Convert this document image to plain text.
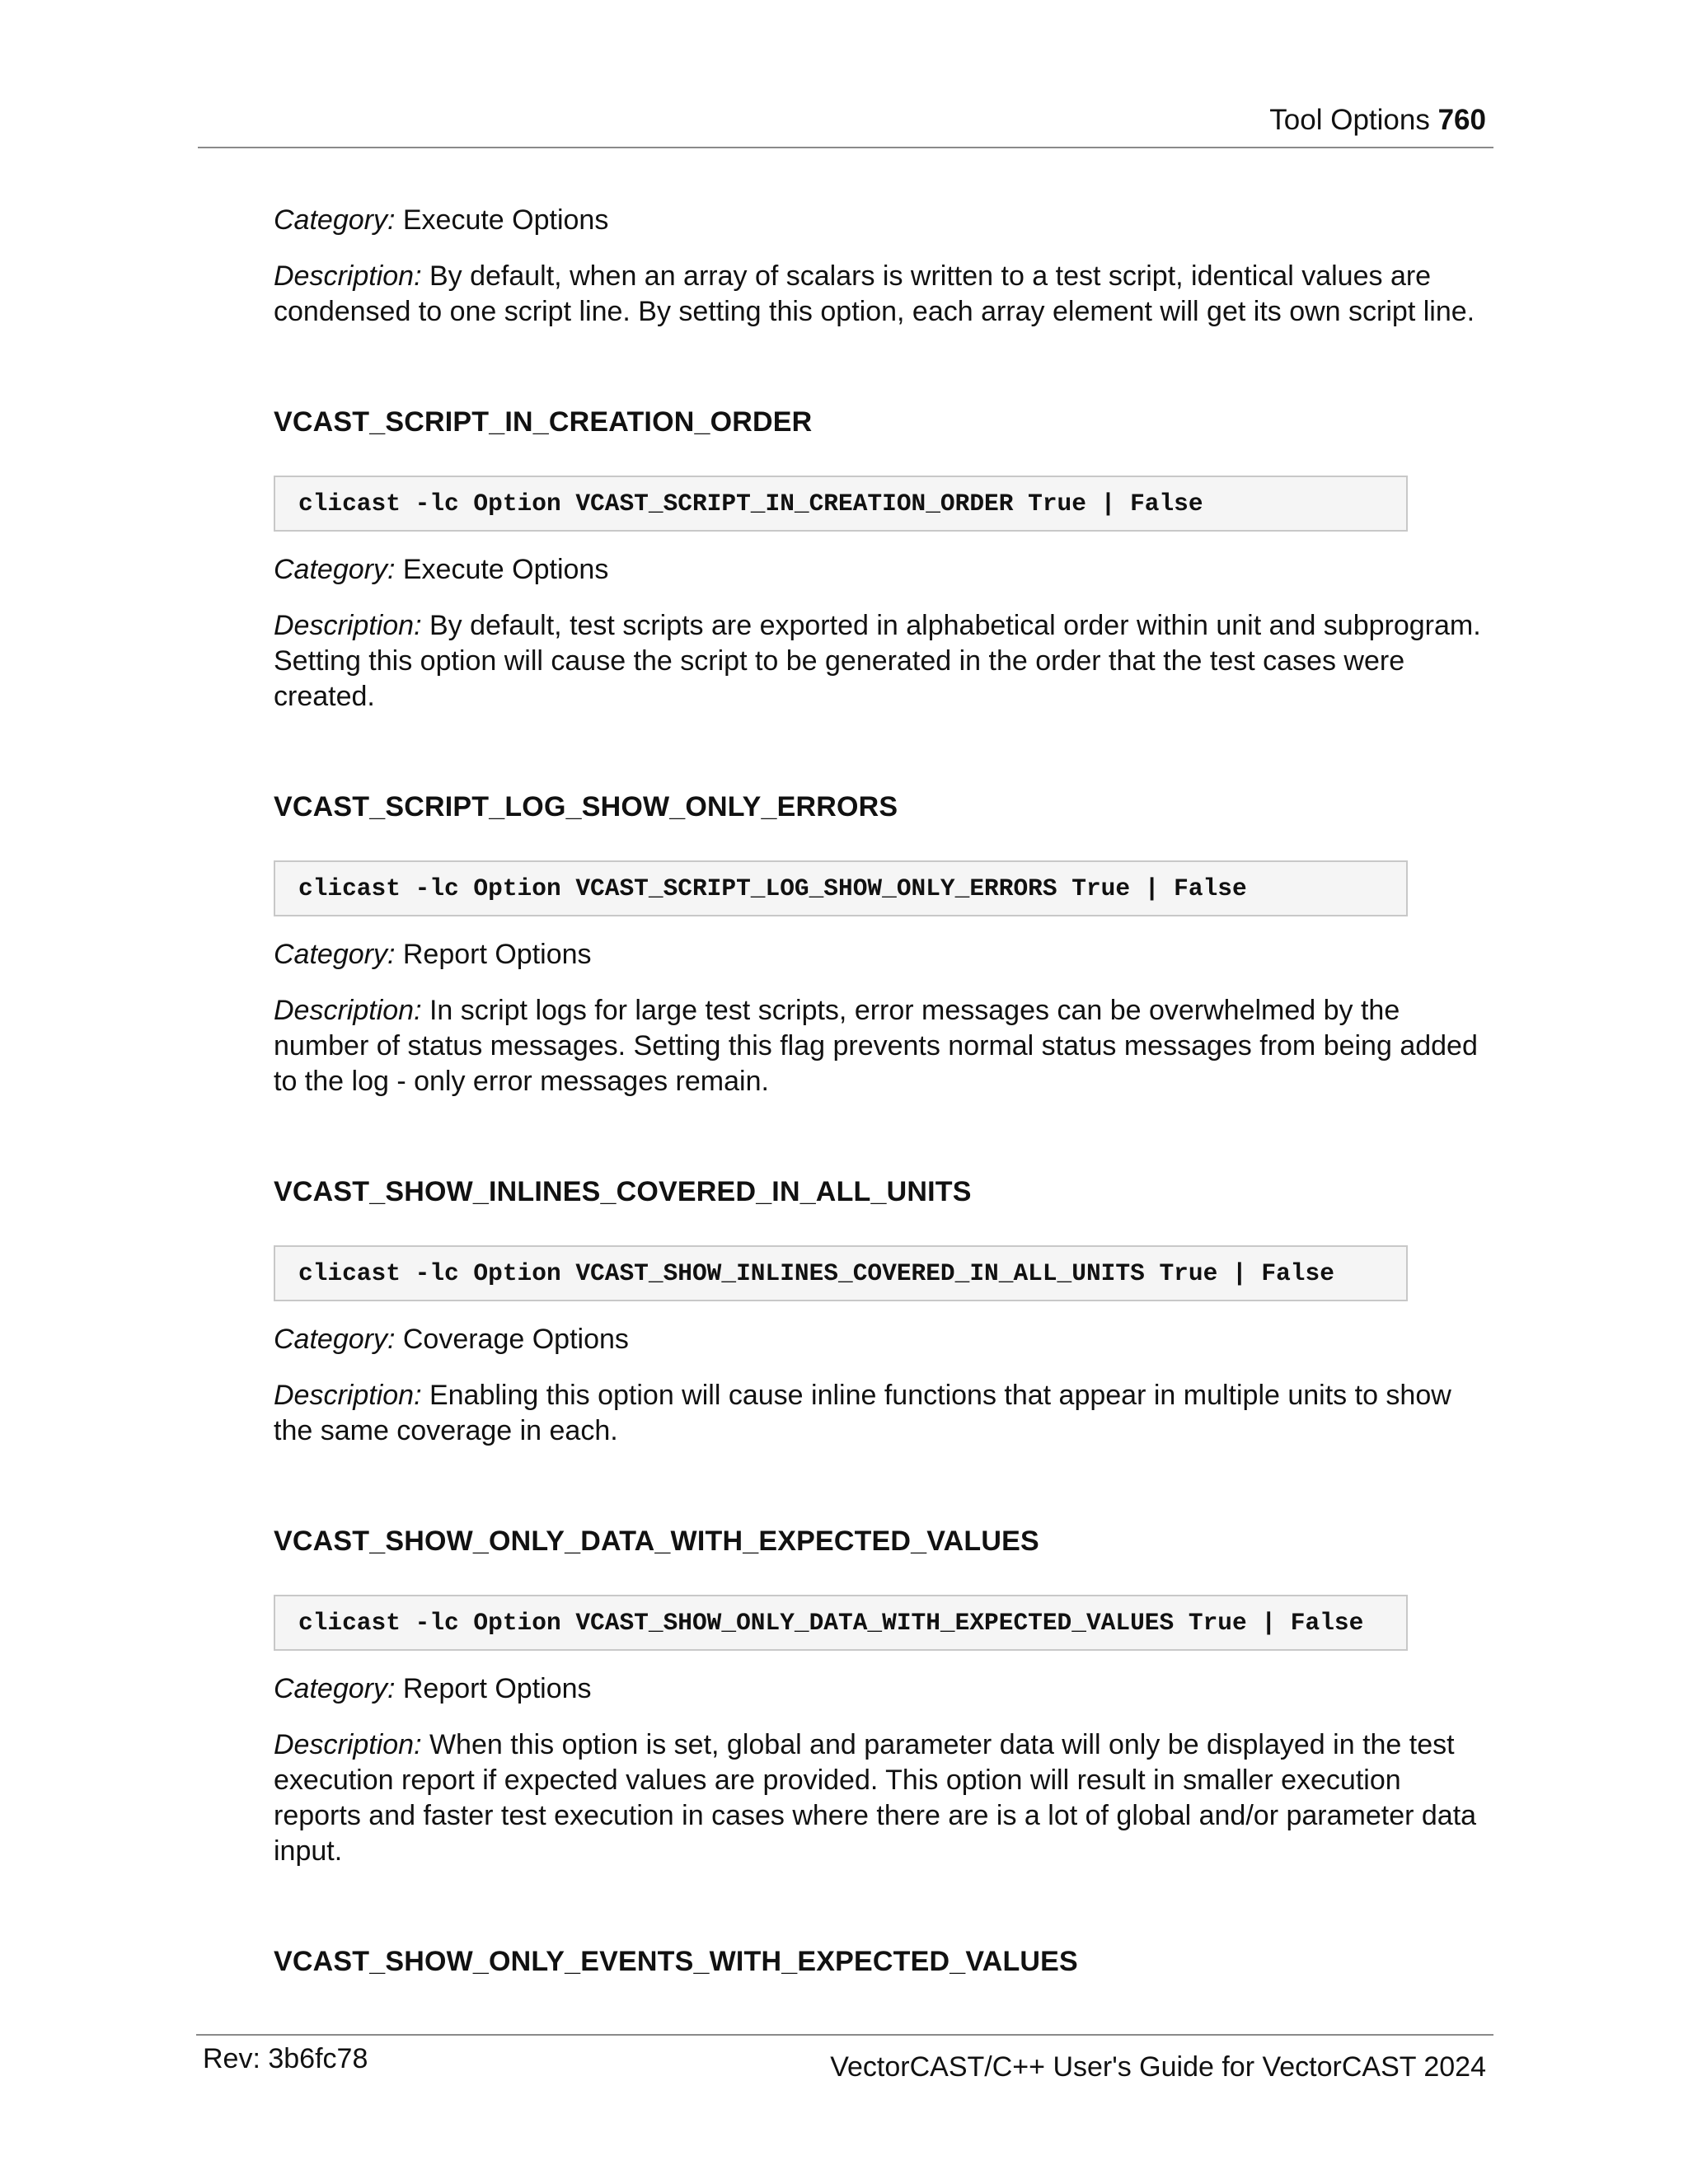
Tool Options 760
Category: Execute Options
Description: By default, when an array of scalars is written to a test script, identical values are condensed to one script line. By setting this option, each array element will get its own script line.
VCAST_SCRIPT_IN_CREATION_ORDER
clicast -lc Option VCAST_SCRIPT_IN_CREATION_ORDER True | False
Category: Execute Options
Description: By default, test scripts are exported in alphabetical order within unit and subprogram. Setting this option will cause the script to be generated in the order that the test cases were created.
VCAST_SCRIPT_LOG_SHOW_ONLY_ERRORS
clicast -lc Option VCAST_SCRIPT_LOG_SHOW_ONLY_ERRORS True | False
Category: Report Options
Description: In script logs for large test scripts, error messages can be overwhelmed by the number of status messages. Setting this flag prevents normal status messages from being added to the log - only error messages remain.
VCAST_SHOW_INLINES_COVERED_IN_ALL_UNITS
clicast -lc Option VCAST_SHOW_INLINES_COVERED_IN_ALL_UNITS True | False
Category: Coverage Options
Description: Enabling this option will cause inline functions that appear in multiple units to show the same coverage in each.
VCAST_SHOW_ONLY_DATA_WITH_EXPECTED_VALUES
clicast -lc Option VCAST_SHOW_ONLY_DATA_WITH_EXPECTED_VALUES True | False
Category: Report Options
Description: When this option is set, global and parameter data will only be displayed in the test execution report if expected values are provided. This option will result in smaller execution reports and faster test execution in cases where there are is a lot of global and/or parameter data input.
VCAST_SHOW_ONLY_EVENTS_WITH_EXPECTED_VALUES
Rev: 3b6fc78	VectorCAST/C++ User's Guide for VectorCAST 2024
